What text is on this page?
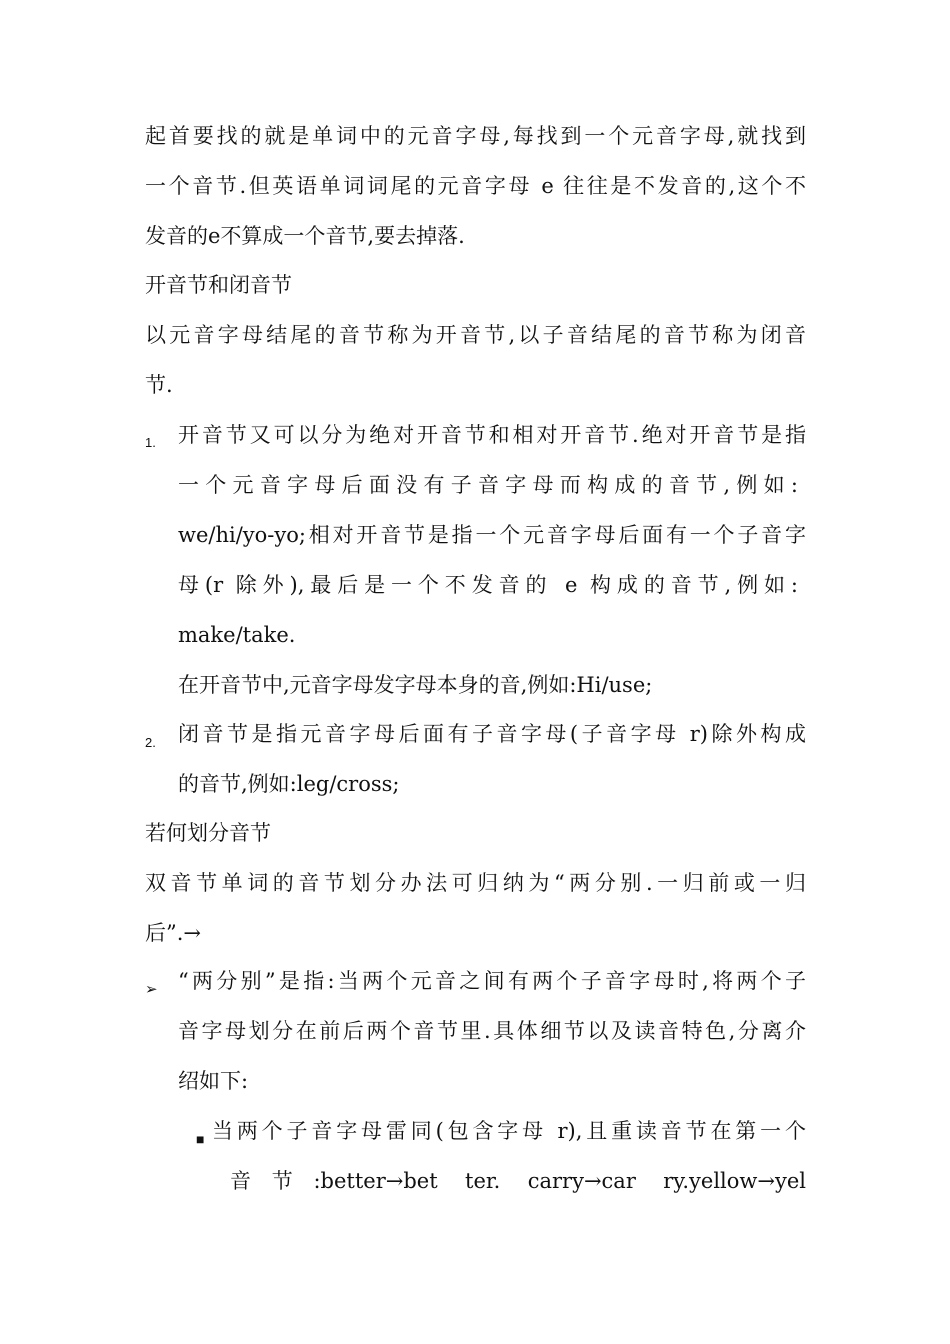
起首要找的就是单词中的元音字母,每找到一个元音字母,就找到
一个音节.但英语单词词尾的元音字母 e 往往是不发音的,这个不
发音的e不算成一个音节,要去掉落.
开音节和闭音节
以元音字母结尾的音节称为开音节,以子音结尾的音节称为闭音
节.
1. 开音节又可以分为绝对开音节和相对开音节.绝对开音节是指
一个元音字母后面没有子音字母而构成的音节,例如:
we/hi/yo-yo;相对开音节是指一个元音字母后面有一个子音字
母(r 除外),最后是一个不发音的 e 构成的音节,例如:
make/take.
在开音节中,元音字母发字母本身的音,例如:Hi/use;
2. 闭音节是指元音字母后面有子音字母(子音字母 r)除外构成
的音节,例如:leg/cross;
若何划分音节
双音节单词的音节划分办法可归纳为“两分别.一归前或一归
后”.→
➢ “两分别”是指:当两个元音之间有两个子音字母时,将两个子
音字母划分在前后两个音节里.具体细节以及读音特色,分离介
绍如下:
■ 当两个子音字母雷同(包含字母 r),且重读音节在第一个
音节:better→bet ter. carry→car ry.yellow→yel
